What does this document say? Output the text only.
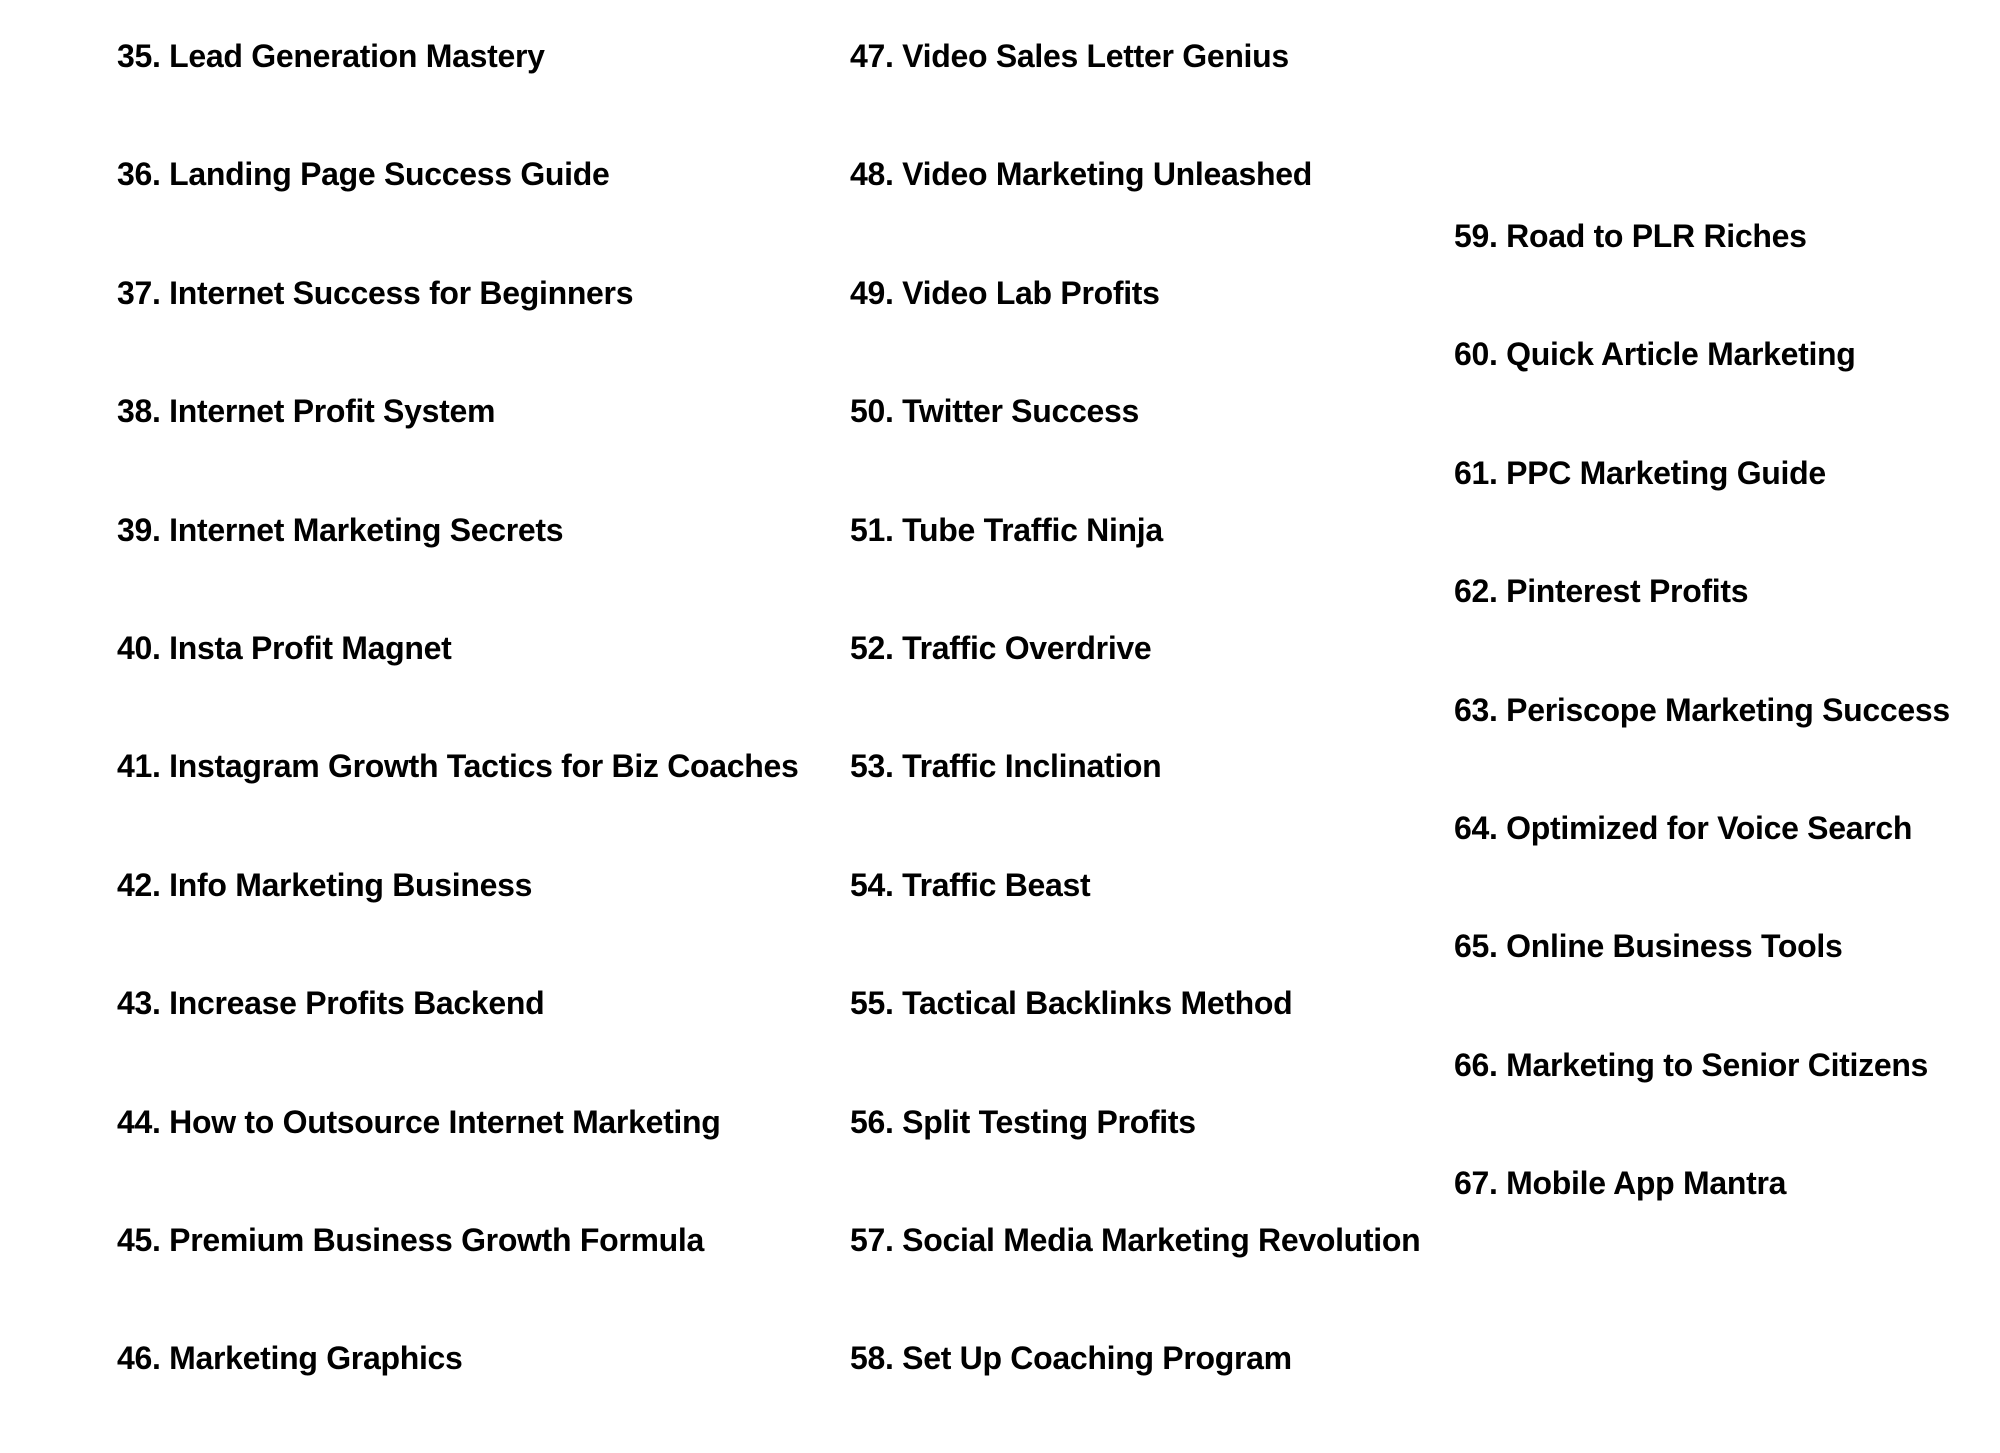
35. Lead Generation Mastery
36. Landing Page Success Guide
37. Internet Success for Beginners
38. Internet Profit System
39. Internet Marketing Secrets
40. Insta Profit Magnet
41. Instagram Growth Tactics for Biz Coaches
42. Info Marketing Business
43. Increase Profits Backend
44. How to Outsource Internet Marketing
45. Premium Business Growth Formula
46. Marketing Graphics
47. Video Sales Letter Genius
48. Video Marketing Unleashed
49. Video Lab Profits
50. Twitter Success
51. Tube Traffic Ninja
52. Traffic Overdrive
53. Traffic Inclination
54. Traffic Beast
55. Tactical Backlinks Method
56. Split Testing Profits
57. Social Media Marketing Revolution
58. Set Up Coaching Program
59. Road to PLR Riches
60. Quick Article Marketing
61. PPC Marketing Guide
62. Pinterest Profits
63. Periscope Marketing Success
64. Optimized for Voice Search
65. Online Business Tools
66. Marketing to Senior Citizens
67. Mobile App Mantra
